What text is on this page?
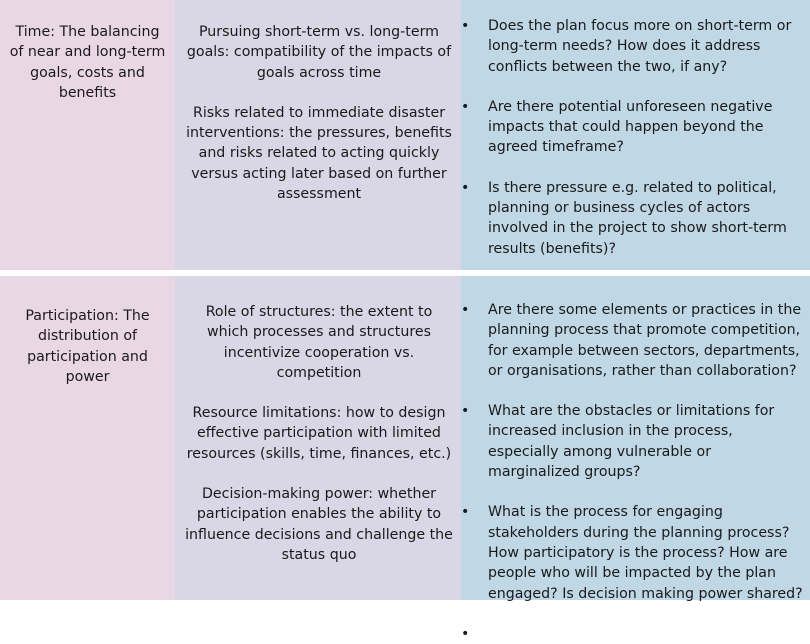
Time: The balancing of near and long-term goals, costs and benefits

Pursuing short-term vs. long-term goals: compatibility of the impacts of goals across time

Risks related to immediate disaster interventions: the pressures, benefits and risks related to acting quickly versus acting later based on further assessment

• Does the plan focus more on short-term or long-term needs? How does it address conflicts between the two, if any?
• Are there potential unforeseen negative impacts that could happen beyond the agreed timeframe?
• Is there pressure e.g. related to political, planning or business cycles of actors involved in the project to show short-term results (benefits)?
Participation: The distribution of participation and power

Role of structures: the extent to which processes and structures incentivize cooperation vs. competition

Resource limitations: how to design effective participation with limited resources (skills, time, finances, etc.)

Decision-making power: whether participation enables the ability to influence decisions and challenge the status quo

• Are there some elements or practices in the planning process that promote competition, for example between sectors, departments, or organisations, rather than collaboration?
• What are the obstacles or limitations for increased inclusion in the process, especially among vulnerable or marginalized groups?
• What is the process for engaging stakeholders during the planning process? How participatory is the process? How are people who will be impacted by the plan engaged? Is decision making power shared?
•
